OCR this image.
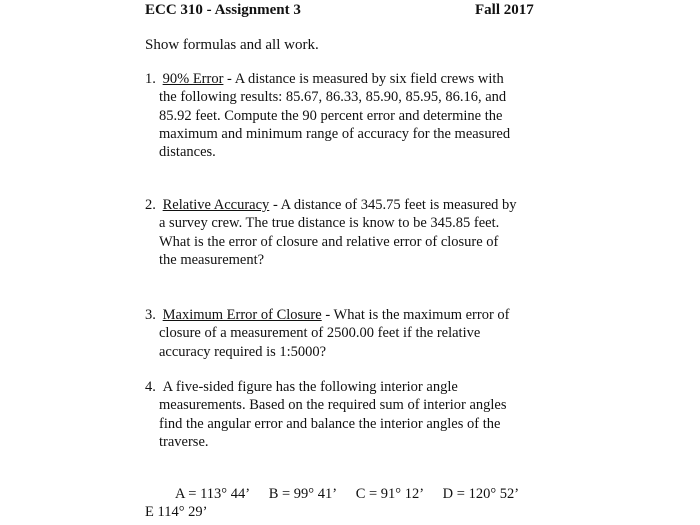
ECC 310 - Assignment 3	Fall 2017
Show formulas and all work.
1. 90% Error - A distance is measured by six field crews with
the following results: 85.67, 86.33, 85.90, 85.95, 86.16, and
85.92 feet. Compute the 90 percent error and determine the
maximum and minimum range of accuracy for the measured
distances.
2. Relative Accuracy - A distance of 345.75 feet is measured by
a survey crew. The true distance is know to be 345.85 feet.
What is the error of closure and relative error of closure of
the measurement?
3. Maximum Error of Closure - What is the maximum error of
closure of a measurement of 2500.00 feet if the relative
accuracy required is 1:5000?
4. A five-sided figure has the following interior angle
measurements. Based on the required sum of interior angles
find the angular error and balance the interior angles of the
traverse.
A = 113° 44’ B = 99° 41’ C = 91° 12’ D = 120° 52’
E 114° 29’
